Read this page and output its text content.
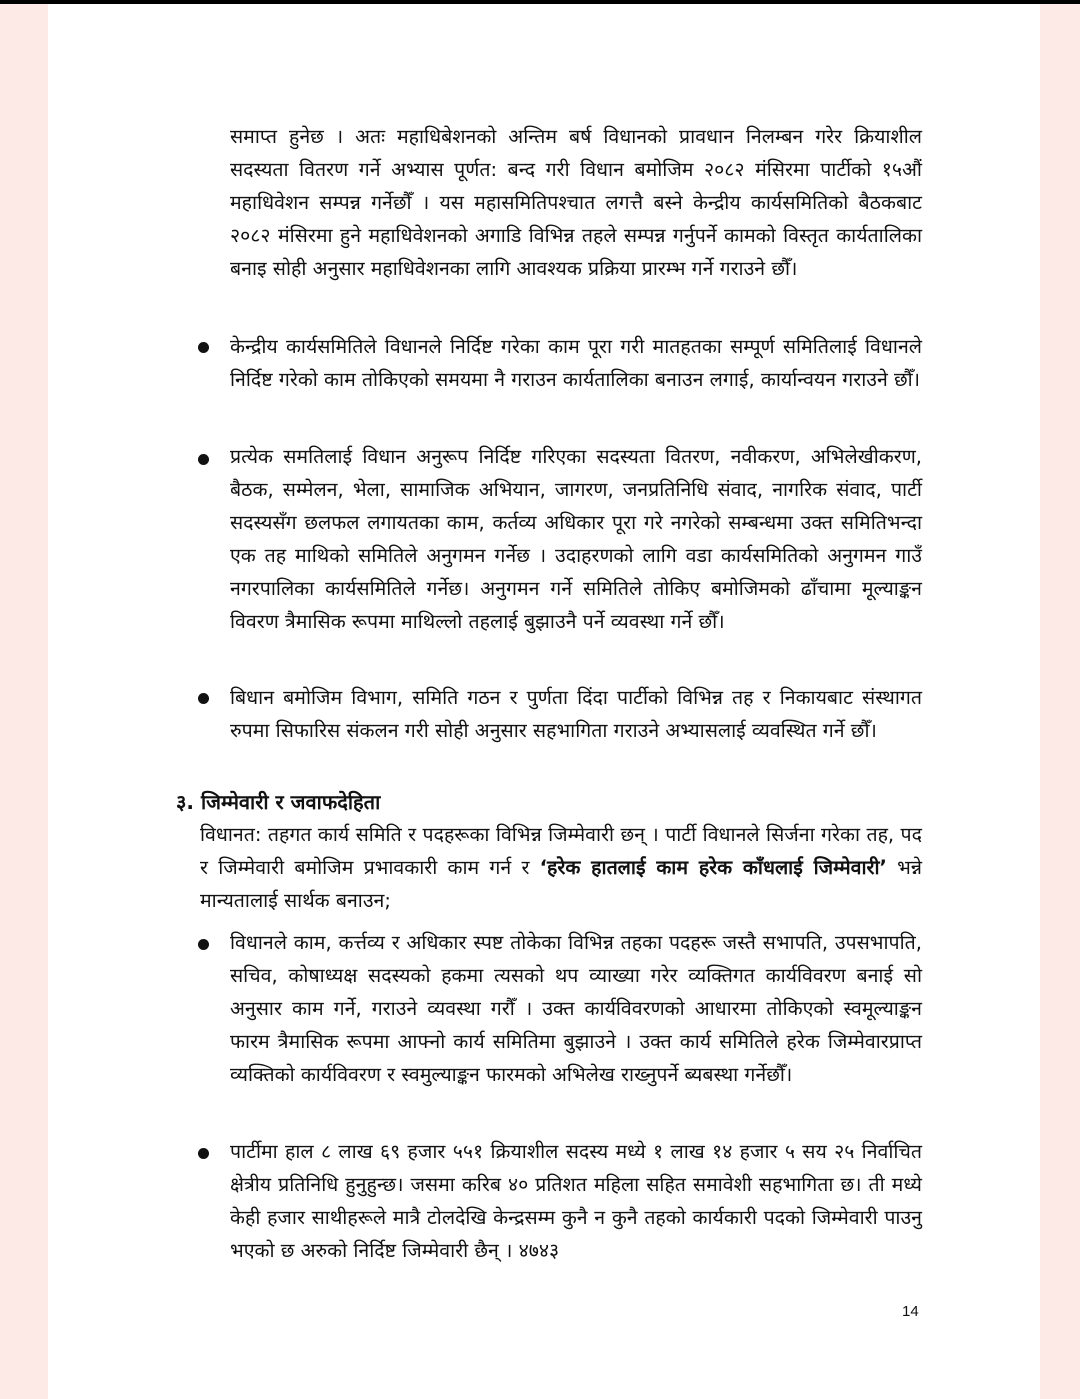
समाप्त हुनेछ । अतः महाधिबेशनको अन्तिम बर्ष विधानको प्रावधान निलम्बन गरेर क्रियाशील सदस्यता वितरण गर्ने अभ्यास पूर्णत: बन्द गरी विधान बमोजिम २०८२ मंसिरमा पार्टीको १५औं महाधिवेशन सम्पन्न गर्नेछौँ । यस महासमितिपश्चात लगत्तै बस्ने केन्द्रीय कार्यसमितिको बैठकबाट २०८२ मंसिरमा हुने महाधिवेशनको अगाडि विभिन्न तहले सम्पन्न गर्नुपर्ने कामको विस्तृत कार्यतालिका बनाइ सोही अनुसार महाधिवेशनका लागि आवश्यक प्रक्रिया प्रारम्भ गर्ने गराउने छौँ।

केन्द्रीय कार्यसमितिले विधानले निर्दिष्ट गरेका काम पूरा गरी मातहतका सम्पूर्ण समितिलाई विधानले निर्दिष्ट गरेको काम तोकिएको समयमा नै गराउन कार्यतालिका बनाउन लगाई, कार्यान्वयन गराउने छौँ।

प्रत्येक समतिलाई विधान अनुरूप निर्दिष्ट गरिएका सदस्यता वितरण, नवीकरण, अभिलेखीकरण, बैठक, सम्मेलन, भेला, सामाजिक अभियान, जागरण, जनप्रतिनिधि संवाद, नागरिक संवाद, पार्टी सदस्यसँग छलफल लगायतका काम, कर्तव्य अधिकार पूरा गरे नगरेको सम्बन्धमा उक्त समितिभन्दा एक तह माथिको समितिले अनुगमन गर्नेछ । उदाहरणको लागि वडा कार्यसमितिको अनुगमन गाउँ नगरपालिका कार्यसमितिले गर्नेछ। अनुगमन गर्ने समितिले तोकिए बमोजिमको ढाँचामा मूल्याङ्कन विवरण त्रैमासिक रूपमा माथिल्लो तहलाई बुझाउनै पर्ने व्यवस्था गर्ने छौँ।

बिधान बमोजिम विभाग, समिति गठन र पुर्णता दिंदा पार्टीको विभिन्न तह र निकायबाट संस्थागत रुपमा सिफारिस संकलन गरी सोही अनुसार सहभागिता गराउने अभ्यासलाई व्यवस्थित गर्ने छौँ।

३. जिम्मेवारी र जवाफदेहिता

विधानत: तहगत कार्य समिति र पदहरूका विभिन्न जिम्मेवारी छन् । पार्टी विधानले सिर्जना गरेका तह, पद र जिम्मेवारी बमोजिम प्रभावकारी काम गर्न र ‘हरेक हातलाई काम हरेक काँधलाई जिम्मेवारी’ भन्ने मान्यतालाई सार्थक बनाउन;

विधानले काम, कर्त्तव्य र अधिकार स्पष्ट तोकेका विभिन्न तहका पदहरू जस्तै सभापति, उपसभापति, सचिव, कोषाध्यक्ष सदस्यको हकमा त्यसको थप व्याख्या गरेर व्यक्तिगत कार्यविवरण बनाई सो अनुसार काम गर्ने, गराउने व्यवस्था गरौँ । उक्त कार्यविवरणको आधारमा तोकिएको स्वमूल्याङ्कन फारम त्रैमासिक रूपमा आफ्नो कार्य समितिमा बुझाउने । उक्त कार्य समितिले हरेक जिम्मेवारप्राप्त व्यक्तिको कार्यविवरण र स्वमुल्याङ्कन फारमको अभिलेख राख्नुपर्ने ब्यबस्था गर्नेछौँ।

पार्टीमा हाल ८ लाख ६९ हजार ५५१ क्रियाशील सदस्य मध्ये १ लाख १४ हजार ५ सय २५ निर्वाचित क्षेत्रीय प्रतिनिधि हुनुहुन्छ। जसमा करिब ४० प्रतिशत महिला सहित समावेशी सहभागिता छ। ती मध्ये केही हजार साथीहरूले मात्रै टोलदेखि केन्द्रसम्म कुनै न कुनै तहको कार्यकारी पदको जिम्मेवारी पाउनु भएको छ अरुको निर्दिष्ट जिम्मेवारी छैन् । ४७४३

14
